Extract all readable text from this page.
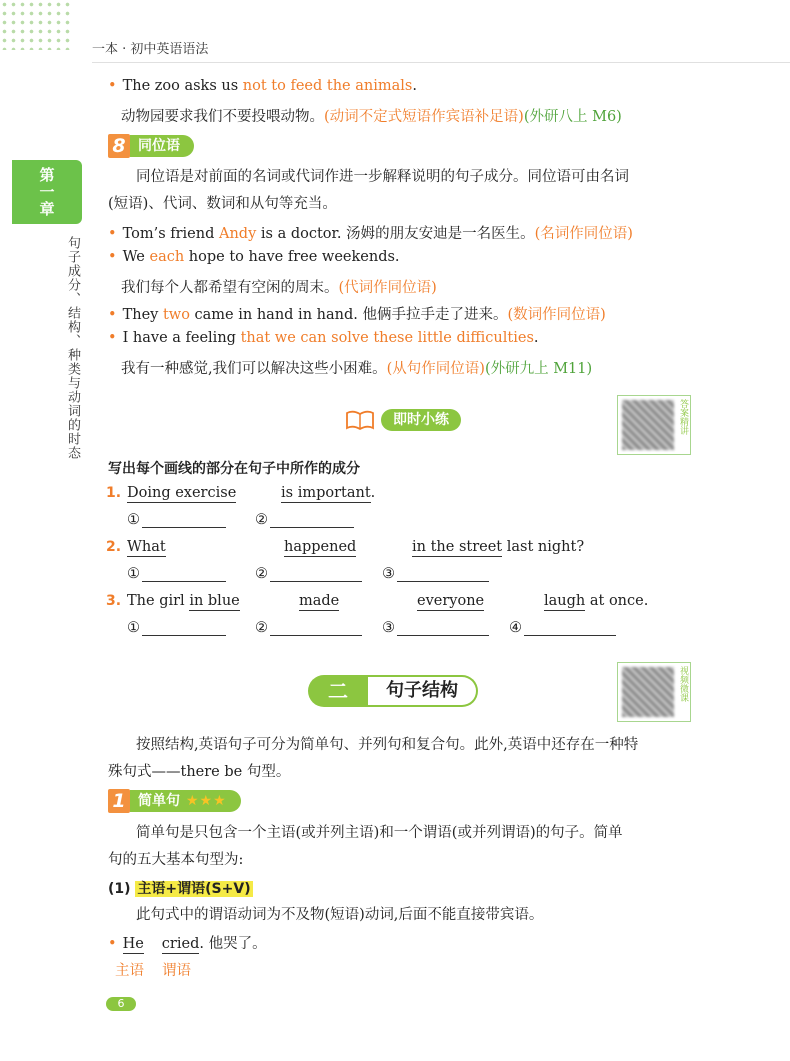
一本 · 初中英语语法
第一章
句子成分、结构、种类与动词的时态
• The zoo asks us not to feed the animals.
动物园要求我们不要投喂动物。(动词不定式短语作宾语补足语)(外研八上 M6)
8 同位语
同位语是对前面的名词或代词作进一步解释说明的句子成分。同位语可由名词
(短语)、代词、数词和从句等充当。
• Tom’s friend Andy is a doctor. 汤姆的朋友安迪是一名医生。(名词作同位语)
• We each hope to have free weekends.
我们每个人都希望有空闲的周末。(代词作同位语)
• They two came in hand in hand. 他俩手拉手走了进来。(数词作同位语)
• I have a feeling that we can solve these little difficulties.
我有一种感觉,我们可以解决这些小困难。(从句作同位语)(外研九上 M11)
即时小练	答案精讲
写出每个画线的部分在句子中所作的成分
1. Doing exercise	is important.
①	②
2. What	happened	in the street last night?
①	②	③
3. The girl in blue	made	everyone	laugh at once.
①	②	③	④
二	句子结构	视频微课
按照结构,英语句子可分为简单句、并列句和复合句。此外,英语中还存在一种特
殊句式——there be 句型。
1 简单句 ★★★
简单句是只包含一个主语(或并列主语)和一个谓语(或并列谓语)的句子。简单
句的五大基本句型为:
(1) 主语+谓语(S+V)
此句式中的谓语动词为不及物(短语)动词,后面不能直接带宾语。
• He cried. 他哭了。
主语 谓语
6
